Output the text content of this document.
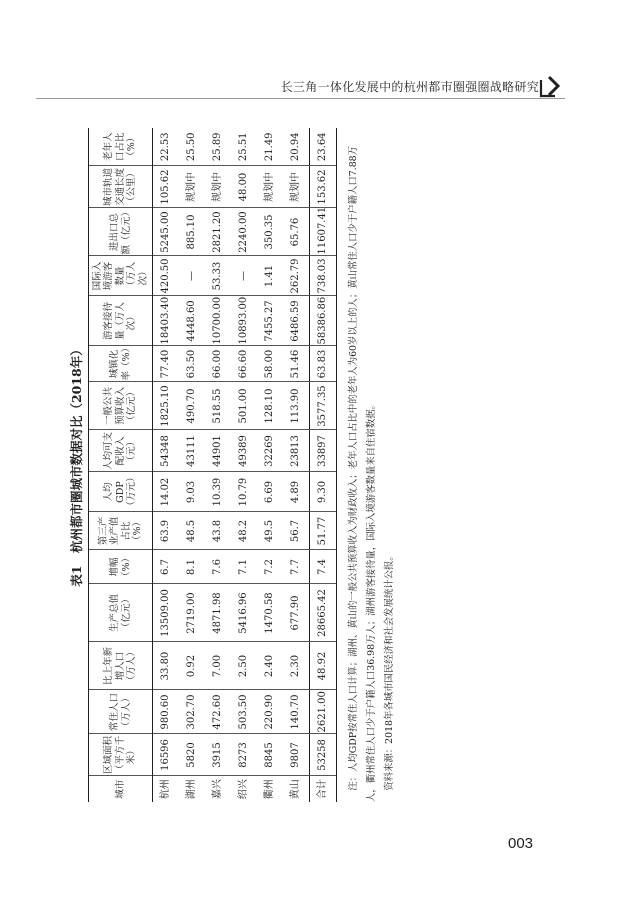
长三角一体化发展中的杭州都市圈强圈战略研究
表1　杭州都市圈城市数据对比（2018年）
城市	区域面积（平方千米）	常住人口（万人）	比上年新增人口（万人）	生产总值（亿元）	增幅（%）	第三产业产值占比（%）	人均GDP（万元）	人均可支配收入（元）	一般公共预算收入（亿元）	城镇化率（%）	游客接待量（万人次）	国际入境游客数量（万人次）	进出口总额（亿元）	城市轨道交通长度（公里）	老年人口占比（%）
杭州	16596	980.60	33.80	13509.00	6.7	63.9	14.02	54348	1825.10	77.40	18403.40	420.50	5245.00	105.62	22.53
湖州	5820	302.70	0.92	2719.00	8.1	48.5	9.03	43111	490.70	63.50	4448.60	—	885.10	规划中	25.50
嘉兴	3915	472.60	7.00	4871.98	7.6	43.8	10.39	44901	518.55	66.00	10700.00	53.33	2821.20	规划中	25.89
绍兴	8273	503.50	2.50	5416.96	7.1	48.2	10.79	49389	501.00	66.60	10893.00	—	2240.00	48.00	25.51
衢州	8845	220.90	2.40	1470.58	7.2	49.5	6.69	32269	128.10	58.00	7455.27	1.41	350.35	规划中	21.49
黄山	9807	140.70	2.30	677.90	7.7	56.7	4.89	23813	113.90	51.46	6486.59	262.79	65.76	规划中	20.94
合计	53258	2621.00	48.92	28665.42	7.4	51.77	9.30	33897	3577.35	63.83	58386.86	738.03	11607.41	153.62	23.64	注：人均GDP按常住人口计算；湖州、黄山的一般公共预算收入为财政收入；老年人口占比中的老年人为60岁以上的人；黄山常住人口少于户籍人口7.88万人，衢州常住人口少于户籍人口36.98万人；湖州游客接待量，国际入境游客数量来自住宿数据。 资料来源：2018年各城市国民经济和社会发展统计公报。
003
